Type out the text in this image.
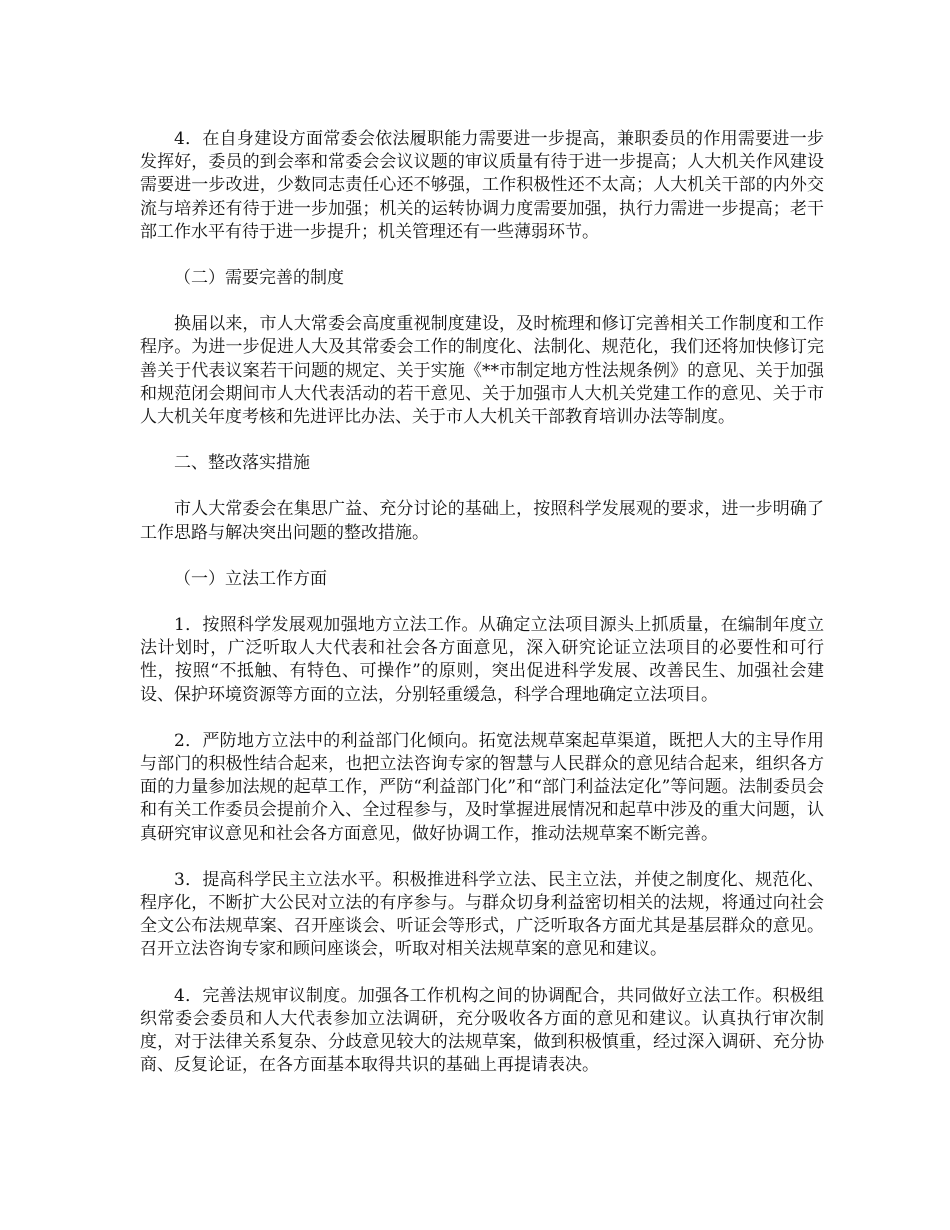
4．在自身建设方面常委会依法履职能力需要进一步提高，兼职委员的作用需要进一步发挥好，委员的到会率和常委会会议议题的审议质量有待于进一步提高；人大机关作风建设需要进一步改进，少数同志责任心还不够强，工作积极性还不太高；人大机关干部的内外交流与培养还有待于进一步加强；机关的运转协调力度需要加强，执行力需进一步提高；老干部工作水平有待于进一步提升；机关管理还有一些薄弱环节。

（二）需要完善的制度

换届以来，市人大常委会高度重视制度建设，及时梳理和修订完善相关工作制度和工作程序。为进一步促进人大及其常委会工作的制度化、法制化、规范化，我们还将加快修订完善关于代表议案若干问题的规定、关于实施《**市制定地方性法规条例》的意见、关于加强和规范闭会期间市人大代表活动的若干意见、关于加强市人大机关党建工作的意见、关于市人大机关年度考核和先进评比办法、关于市人大机关干部教育培训办法等制度。

二、整改落实措施

市人大常委会在集思广益、充分讨论的基础上，按照科学发展观的要求，进一步明确了工作思路与解决突出问题的整改措施。

（一）立法工作方面

1．按照科学发展观加强地方立法工作。从确定立法项目源头上抓质量，在编制年度立法计划时，广泛听取人大代表和社会各方面意见，深入研究论证立法项目的必要性和可行性，按照“不抵触、有特色、可操作”的原则，突出促进科学发展、改善民生、加强社会建设、保护环境资源等方面的立法，分别轻重缓急，科学合理地确定立法项目。

2．严防地方立法中的利益部门化倾向。拓宽法规草案起草渠道，既把人大的主导作用与部门的积极性结合起来，也把立法咨询专家的智慧与人民群众的意见结合起来，组织各方面的力量参加法规的起草工作，严防“利益部门化”和“部门利益法定化”等问题。法制委员会和有关工作委员会提前介入、全过程参与，及时掌握进展情况和起草中涉及的重大问题，认真研究审议意见和社会各方面意见，做好协调工作，推动法规草案不断完善。

3．提高科学民主立法水平。积极推进科学立法、民主立法，并使之制度化、规范化、程序化，不断扩大公民对立法的有序参与。与群众切身利益密切相关的法规，将通过向社会全文公布法规草案、召开座谈会、听证会等形式，广泛听取各方面尤其是基层群众的意见。召开立法咨询专家和顾问座谈会，听取对相关法规草案的意见和建议。

4．完善法规审议制度。加强各工作机构之间的协调配合，共同做好立法工作。积极组织常委会委员和人大代表参加立法调研，充分吸收各方面的意见和建议。认真执行审次制度，对于法律关系复杂、分歧意见较大的法规草案，做到积极慎重，经过深入调研、充分协商、反复论证，在各方面基本取得共识的基础上再提请表决。
